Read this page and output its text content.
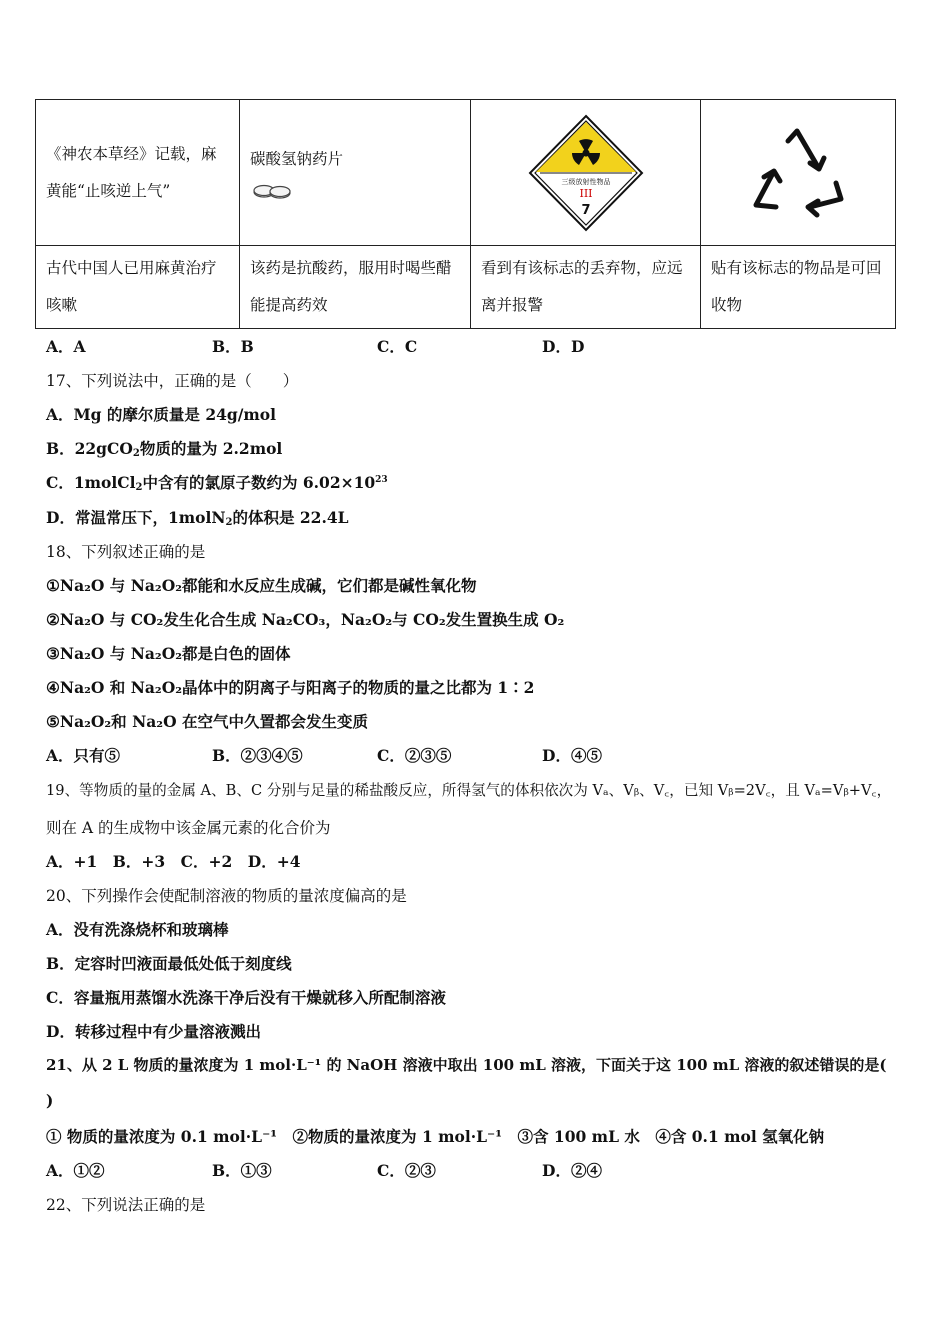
《神农本草经》记载，麻黄能“止咳逆上气”	碳酸氢钠药片	三级放射性物品
III
7

古代中国人已用麻黄治疗咳嗽	该药是抗酸药，服用时喝些醋能提高药效	看到有该标志的丢弃物，应远离并报警	贴有该标志的物品是可回收物
A．A	B．B	C．C	D．D
17、下列说法中，正确的是（　　）
A．Mg 的摩尔质量是 24g/mol
B．22gCO$_2$物质的量为 2.2mol
C．1molCl$_2$中含有的氯原子数约为 $6.02\times 10^{23}$
D．常温常压下，1molN$_2$的体积是 22.4L
18、下列叙述正确的是
①Na₂O 与 Na₂O₂都能和水反应生成碱，它们都是碱性氧化物
②Na₂O 与 CO₂发生化合生成 Na₂CO₃，Na₂O₂与 CO₂发生置换生成 O₂
③Na₂O 与 Na₂O₂都是白色的固体
④Na₂O 和 Na₂O₂晶体中的阴离子与阳离子的物质的量之比都为 1∶2
⑤Na₂O₂和 Na₂O 在空气中久置都会发生变质
A．只有⑤	B．②③④⑤	C．②③⑤	D．④⑤
19、等物质的量的金属 A、B、C 分别与足量的稀盐酸反应，所得氢气的体积依次为 Vₐ、Vᵦ、V꜀，已知 Vᵦ=2V꜀，且 Vₐ=Vᵦ+V꜀，
则在 A 的生成物中该金属元素的化合价为
A．+1　B．+3　C．+2　D．+4
20、下列操作会使配制溶液的物质的量浓度偏高的是
A．没有洗涤烧杯和玻璃棒
B．定容时凹液面最低处低于刻度线
C．容量瓶用蒸馏水洗涤干净后没有干燥就移入所配制溶液
D．转移过程中有少量溶液溅出
21、从 2 L 物质的量浓度为 1 mol·L⁻¹ 的 NaOH 溶液中取出 100 mL 溶液，下面关于这 100 mL 溶液的叙述错误的是(
)
① 物质的量浓度为 0.1 mol·L⁻¹　②物质的量浓度为 1 mol·L⁻¹　③含 100 mL 水　④含 0.1 mol 氢氧化钠
A．①②	B．①③	C．②③	D．②④
22、下列说法正确的是
